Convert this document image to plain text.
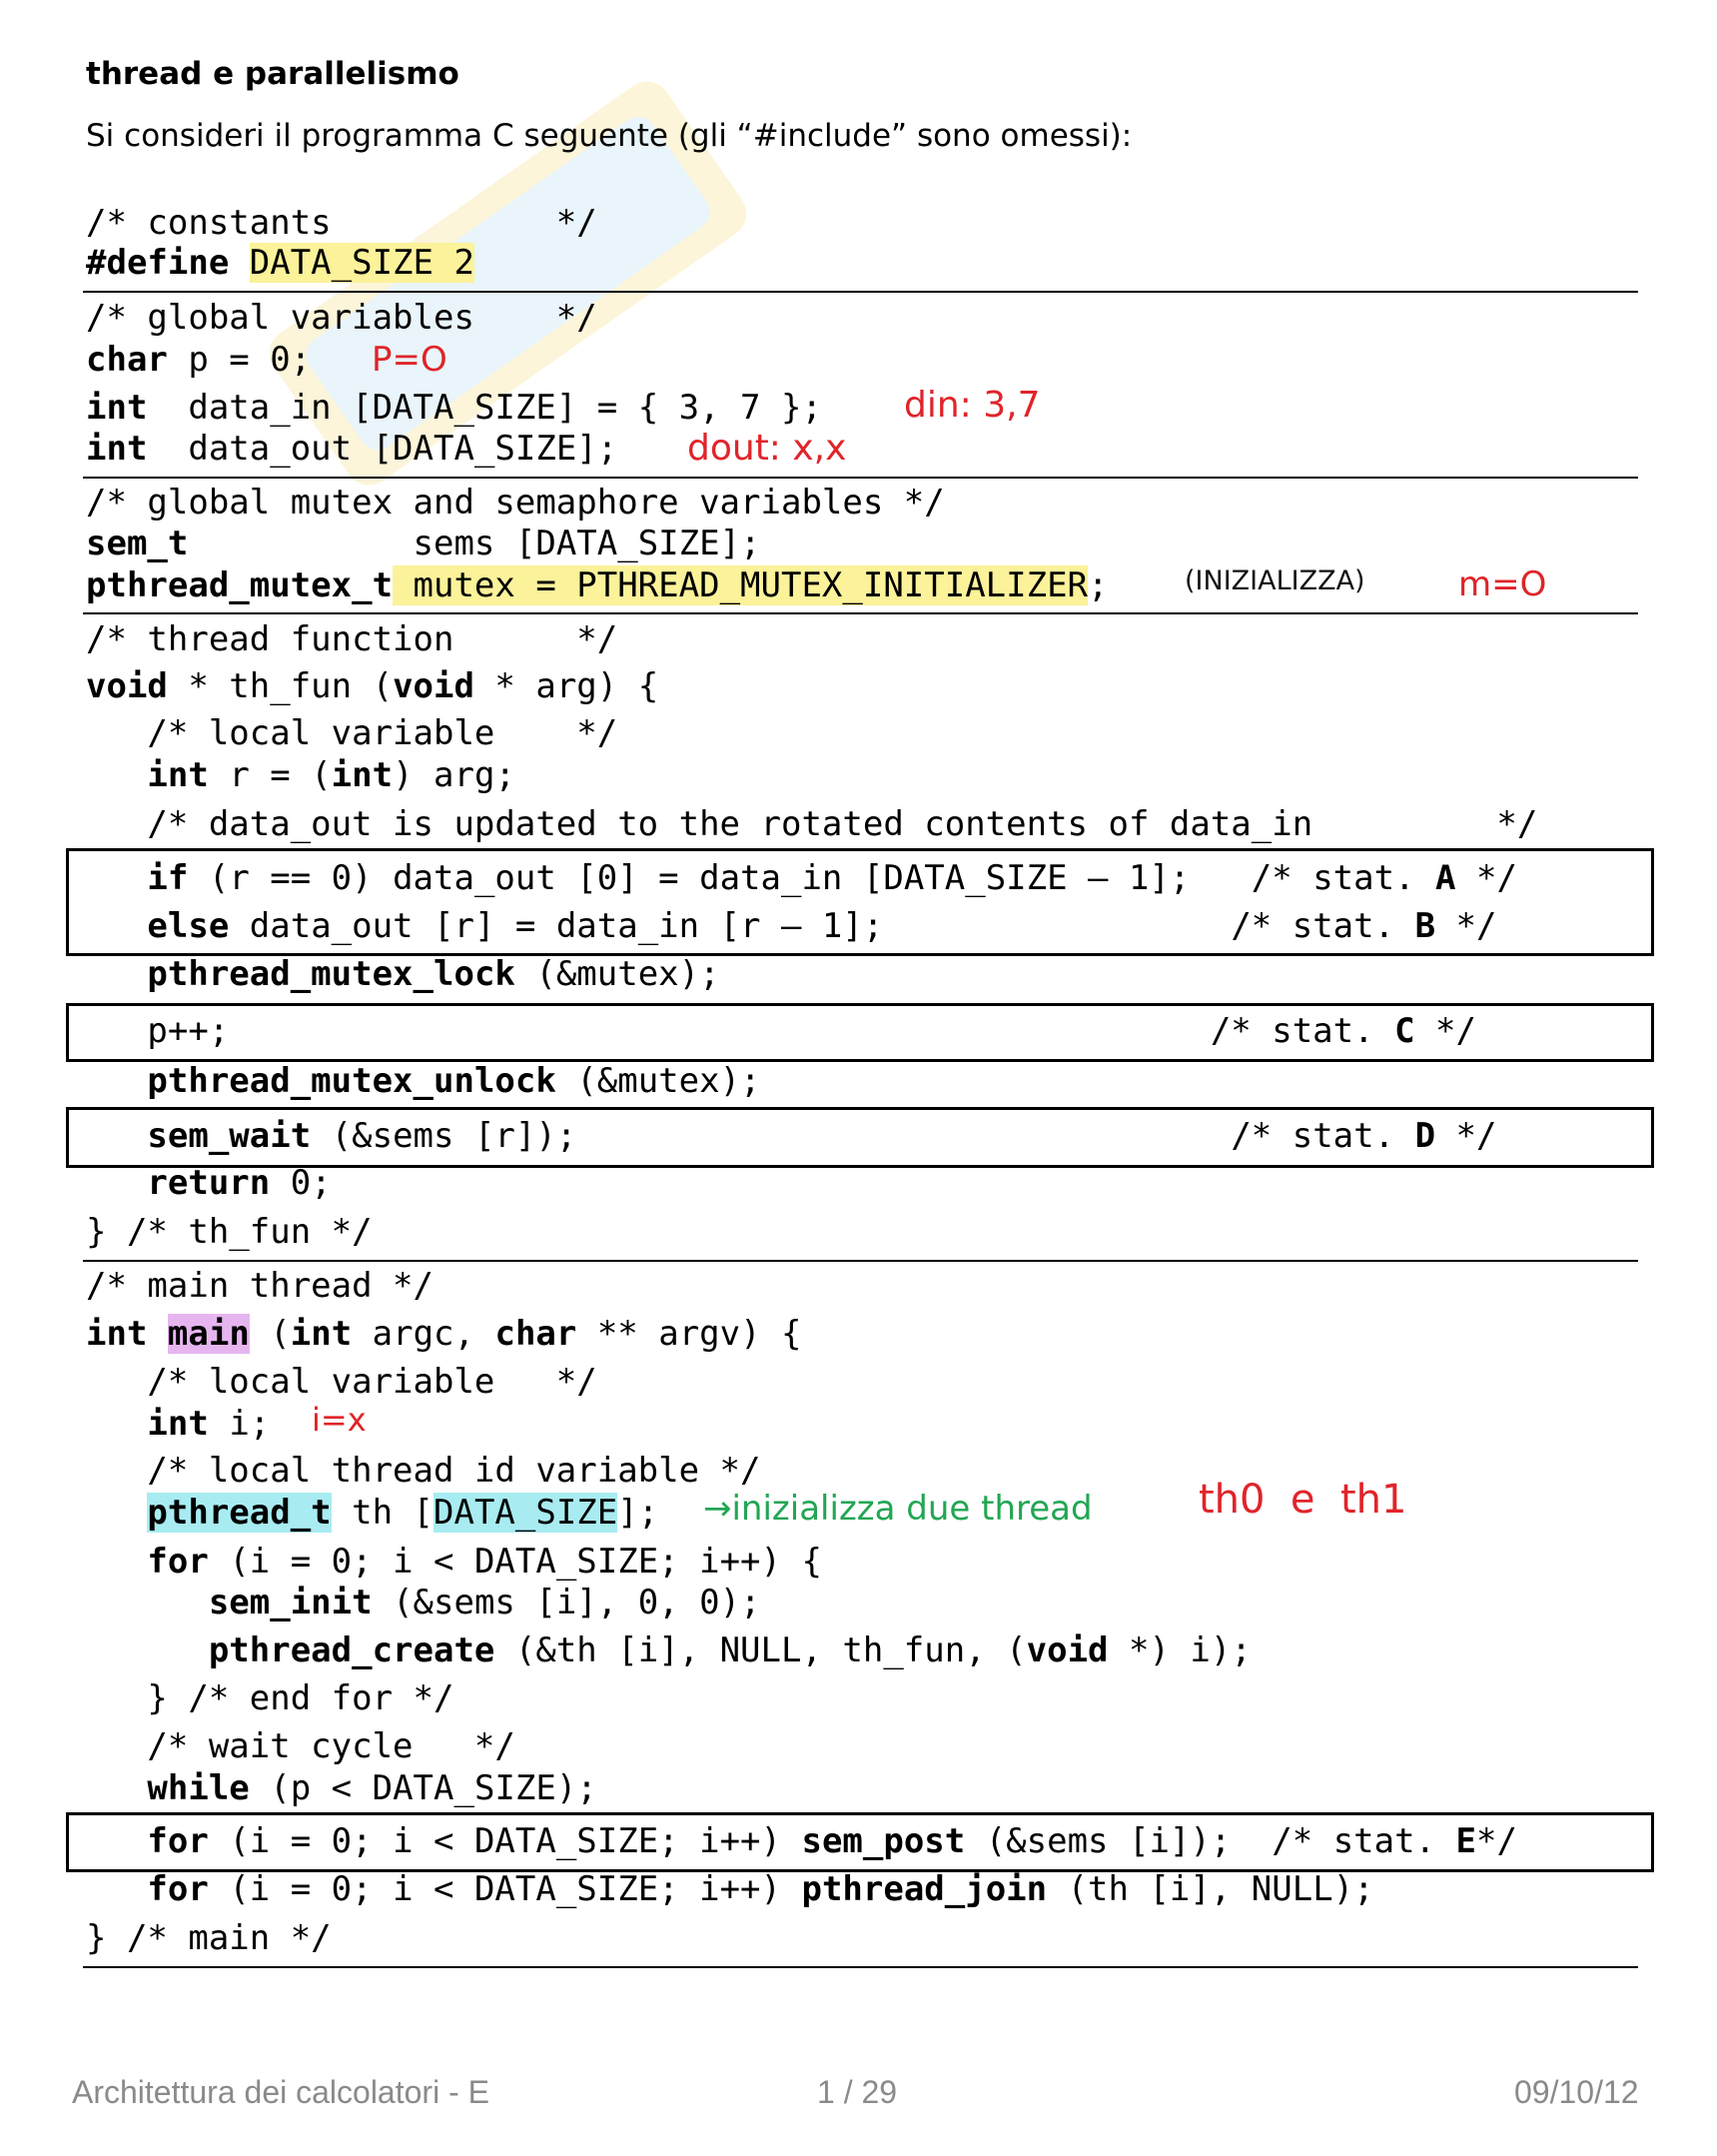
thread e parallelismo
Si consideri il programma C seguente (gli “#include” sono omessi):
/* constants           */
#define DATA_SIZE 2
/* global variables    */
char p = 0;
int  data_in [DATA_SIZE] = { 3, 7 };
int  data_out [DATA_SIZE];
/* global mutex and semaphore variables */
sem_t           sems [DATA_SIZE];
pthread_mutex_t mutex = PTHREAD_MUTEX_INITIALIZER;
/* thread function      */
void * th_fun (void * arg) {
/* local variable    */
int r = (int) arg;
/* data_out is updated to the rotated contents of data_in         */
if (r == 0) data_out [0] = data_in [DATA_SIZE – 1];   /* stat. A */
else data_out [r] = data_in [r – 1];                 /* stat. B */
pthread_mutex_lock (&mutex);
p++;                                                /* stat. C */
pthread_mutex_unlock (&mutex);
sem_wait (&sems [r]);                                /* stat. D */
return 0;
} /* th_fun */
/* main thread */
int main (int argc, char ** argv) {
/* local variable   */
int i;
/* local thread id variable */
pthread_t th [DATA_SIZE];
for (i = 0; i < DATA_SIZE; i++) {
sem_init (&sems [i], 0, 0);
pthread_create (&th [i], NULL, th_fun, (void *) i);
} /* end for */
/* wait cycle   */
while (p < DATA_SIZE);
for (i = 0; i < DATA_SIZE; i++) sem_post (&sems [i]);  /* stat. E*/
for (i = 0; i < DATA_SIZE; i++) pthread_join (th [i], NULL);
} /* main */
P=O
din: 3,7
dout: x,x
(INIZIALIZZA)	m=O
i=x
→inizializza due thread	th0  e  th1
Architettura dei calcolatori - E	1 / 29	09/10/12
